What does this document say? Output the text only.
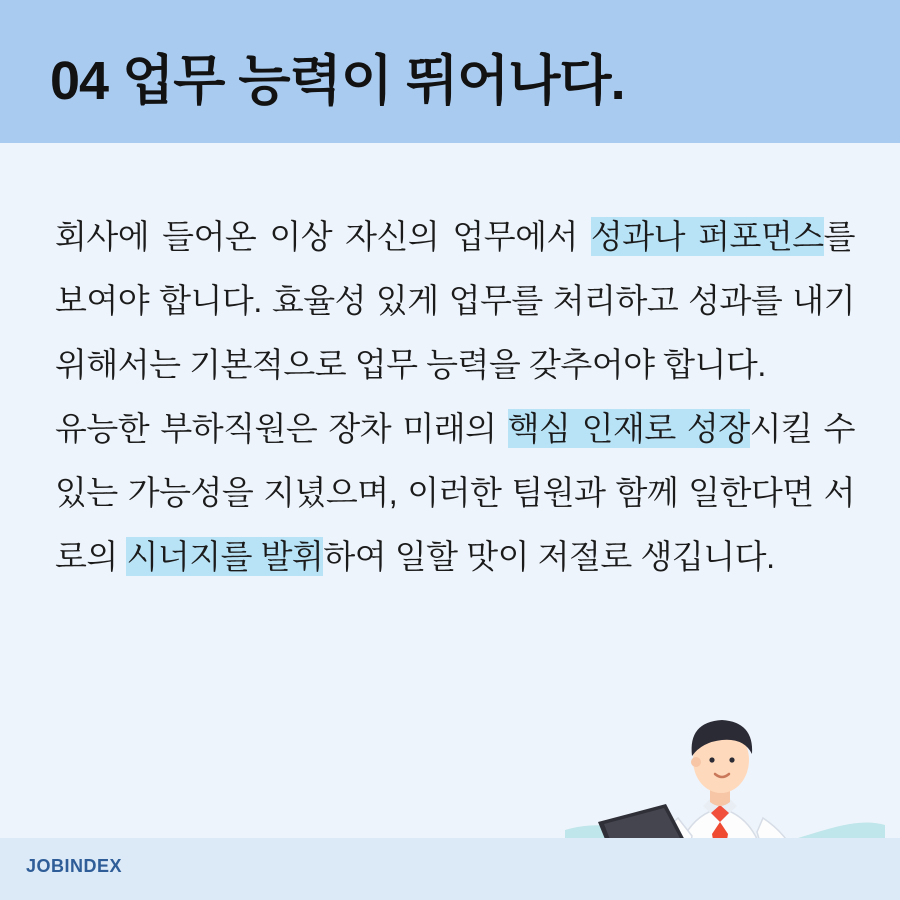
04 업무 능력이 뛰어나다.

회사에 들어온 이상 자신의 업무에서 성과나 퍼포먼스를 보여야 합니다. 효율성 있게 업무를 처리하고 성과를 내기 위해서는 기본적으로 업무 능력을 갖추어야 합니다.

유능한 부하직원은 장차 미래의 핵심 인재로 성장시킬 수 있는 가능성을 지녔으며, 이러한 팀원과 함께 일한다면 서로의 시너지를 발휘하여 일할 맛이 저절로 생깁니다.

JOBINDEX
